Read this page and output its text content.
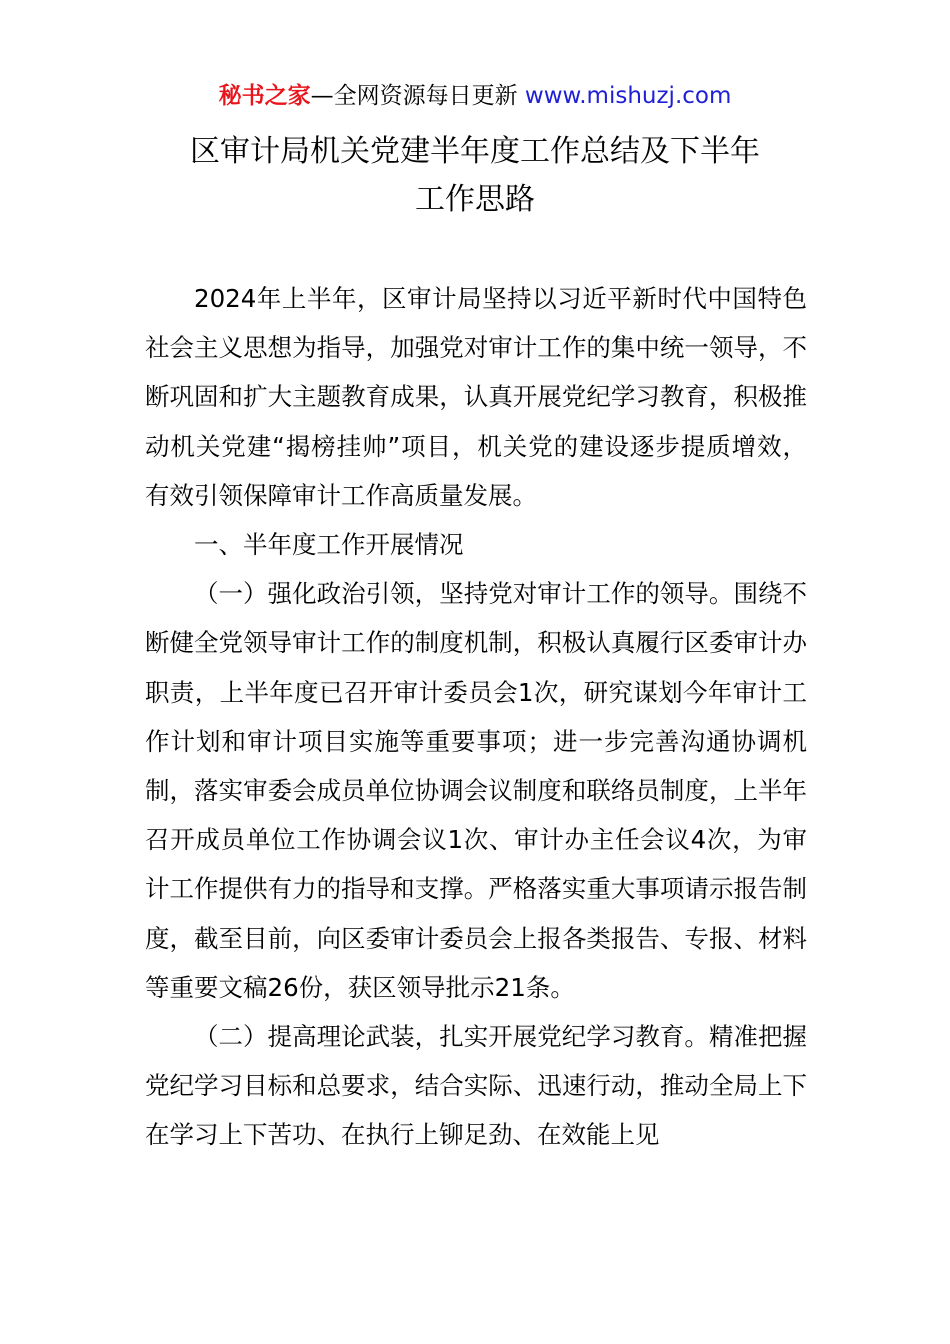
秘书之家—全网资源每日更新 www.mishuzj.com
区审计局机关党建半年度工作总结及下半年
工作思路

2024年上半年，区审计局坚持以习近平新时代中国特色社会主义思想为指导，加强党对审计工作的集中统一领导，不断巩固和扩大主题教育成果，认真开展党纪学习教育，积极推动机关党建“揭榜挂帅”项目，机关党的建设逐步提质增效，有效引领保障审计工作高质量发展。

一、半年度工作开展情况

（一）强化政治引领，坚持党对审计工作的领导。围绕不断健全党领导审计工作的制度机制，积极认真履行区委审计办职责，上半年度已召开审计委员会1次，研究谋划今年审计工作计划和审计项目实施等重要事项；进一步完善沟通协调机制，落实审委会成员单位协调会议制度和联络员制度，上半年召开成员单位工作协调会议1次、审计办主任会议4次，为审计工作提供有力的指导和支撑。严格落实重大事项请示报告制度，截至目前，向区委审计委员会上报各类报告、专报、材料等重要文稿26份，获区领导批示21条。

（二）提高理论武装，扎实开展党纪学习教育。精准把握党纪学习目标和总要求，结合实际、迅速行动，推动全局上下在学习上下苦功、在执行上铆足劲、在效能上见
